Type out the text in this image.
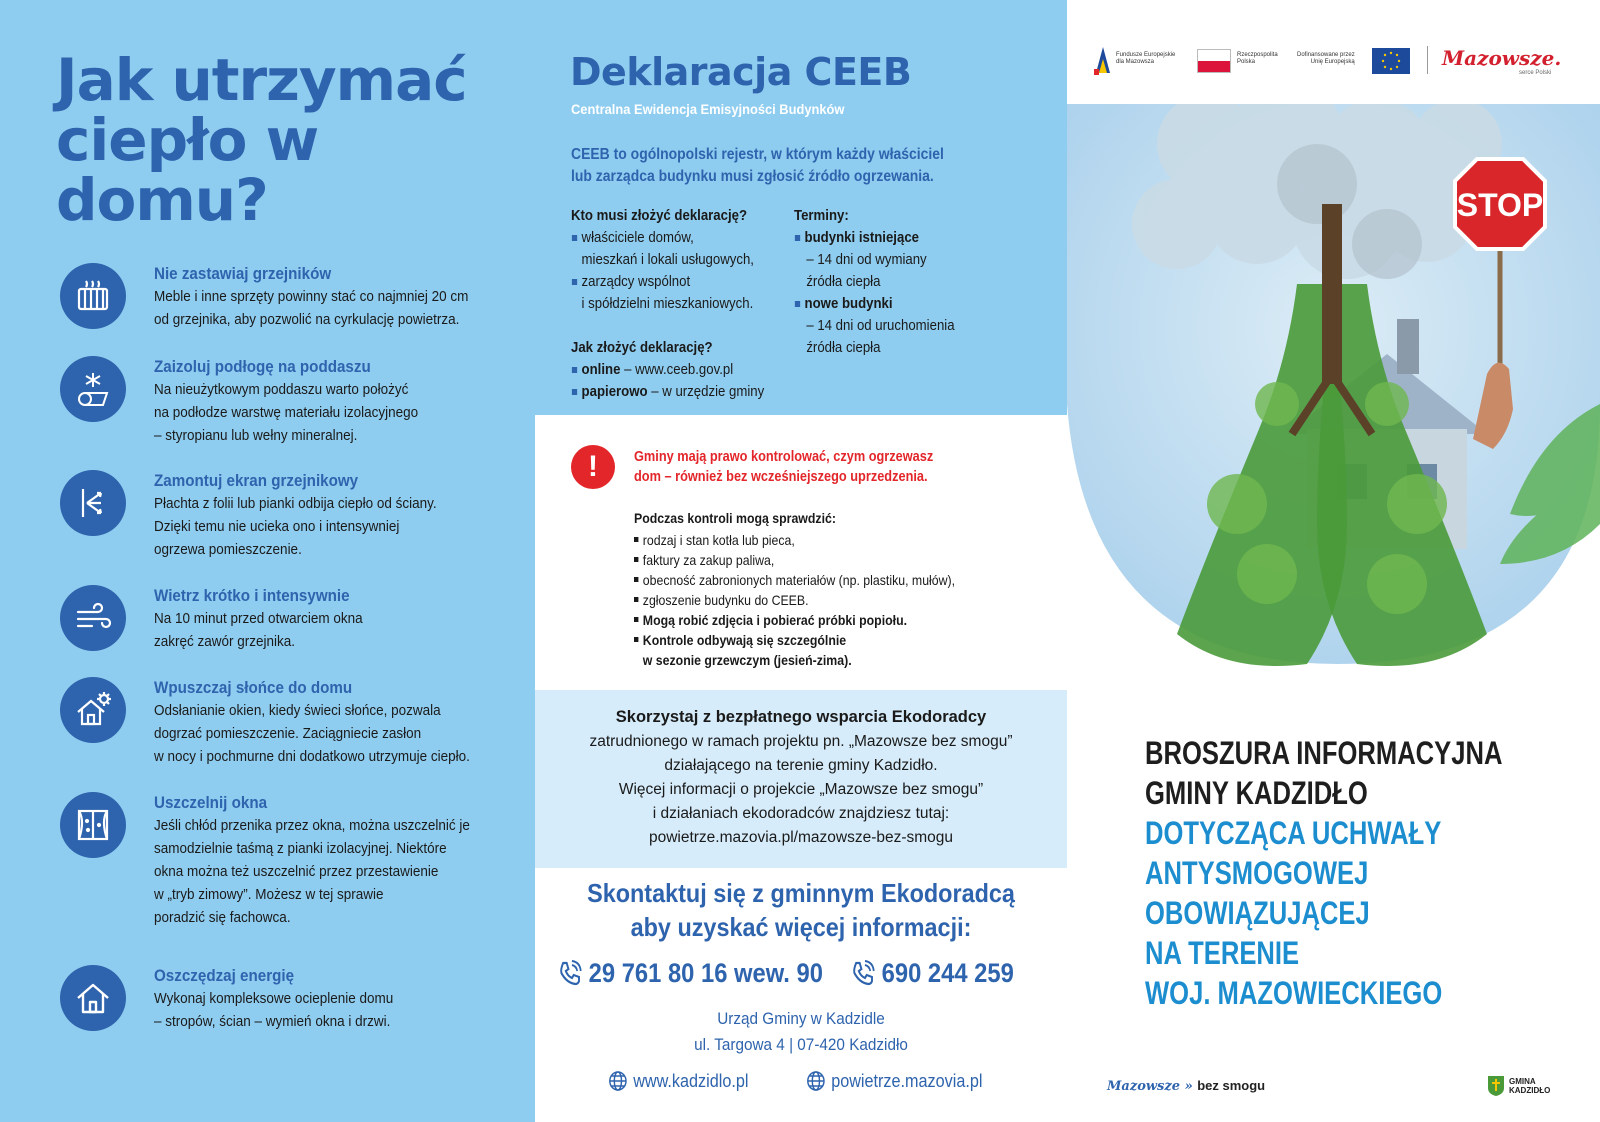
Jak utrzymać
ciepło w domu?
Nie zastawiaj grzejników
Meble i inne sprzęty powinny stać co najmniej 20 cm
od grzejnika, aby pozwolić na cyrkulację powietrza.
Zaizoluj podłogę na poddaszu
Na nieużytkowym poddaszu warto położyć
na podłodze warstwę materiału izolacyjnego
– styropianu lub wełny mineralnej.
Zamontuj ekran grzejnikowy
Płachta z folii lub pianki odbija ciepło od ściany.
Dzięki temu nie ucieka ono i intensywniej
ogrzewa pomieszczenie.
Wietrz krótko i intensywnie
Na 10 minut przed otwarciem okna
zakręć zawór grzejnika.
Wpuszczaj słońce do domu
Odsłanianie okien, kiedy świeci słońce, pozwala
dogrzać pomieszczenie. Zaciągniecie zasłon
w nocy i pochmurne dni dodatkowo utrzymuje ciepło.
Uszczelnij okna
Jeśli chłód przenika przez okna, można uszczelnić je
samodzielnie taśmą z pianki izolacyjnej. Niektóre
okna można też uszczelnić przez przestawienie
w „tryb zimowy”. Możesz w tej sprawie
poradzić się fachowca.
Oszczędzaj energię
Wykonaj kompleksowe ocieplenie domu
– stropów, ścian – wymień okna i drzwi.
Deklaracja CEEB
Centralna Ewidencja Emisyjności Budynków
CEEB to ogólnopolski rejestr, w którym każdy właściciel
lub zarządca budynku musi zgłosić źródło ogrzewania.
Kto musi złożyć deklarację?
właściciele domów,
mieszkań i lokali usługowych,
zarządcy wspólnot
i spółdzielni mieszkaniowych.
Jak złożyć deklarację?
online – www.ceeb.gov.pl
papierowo – w urzędzie gminy
Terminy:
budynki istniejące
– 14 dni od wymiany
źródła ciepła
nowe budynki
– 14 dni od uruchomienia
źródła ciepła
!	Gminy mają prawo kontrolować, czym ogrzewasz
dom – również bez wcześniejszego uprzedzenia.
Podczas kontroli mogą sprawdzić:
rodzaj i stan kotła lub pieca,
faktury za zakup paliwa,
obecność zabronionych materiałów (np. plastiku, mułów),
zgłoszenie budynku do CEEB.
Mogą robić zdjęcia i pobierać próbki popiołu.
Kontrole odbywają się szczególnie
w sezonie grzewczym (jesień-zima).
Skorzystaj z bezpłatnego wsparcia Ekodoradcy
zatrudnionego w ramach projektu pn. „Mazowsze bez smogu”
działającego na terenie gminy Kadzidło.
Więcej informacji o projekcie „Mazowsze bez smogu”
i działaniach ekodoradców znajdziesz tutaj:
powietrze.mazovia.pl/mazowsze-bez-smogu
Skontaktuj się z gminnym Ekodoradcą
aby uzyskać więcej informacji:
29 761 80 16 wew. 90 690 244 259
Urząd Gminy w Kadzidle
ul. Targowa 4 | 07-420 Kadzidło
www.kadzidlo.pl	powietrze.mazovia.pl
Fundusze Europejskie
dla Mazowsza
Rzeczpospolita
Polska
Dofinansowane przez
Unię Europejską	Mazowsze.
serce Polski
STOP
BROSZURA INFORMACYJNA
GMINY KADZIDŁO
DOTYCZĄCA UCHWAŁY
ANTYSMOGOWEJ
OBOWIĄZUJĄCEJ
NA TERENIE
WOJ. MAZOWIECKIEGO
Mazowsze » bez smogu	GMINA
KADZIDŁO
